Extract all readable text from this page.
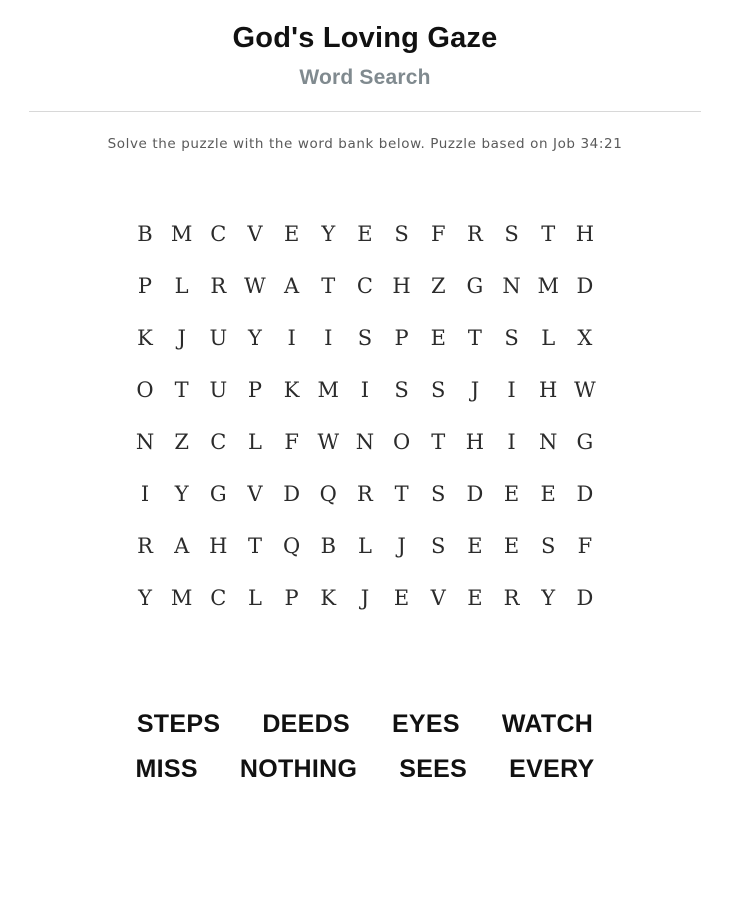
God's Loving Gaze
Word Search

Solve the puzzle with the word bank below. Puzzle based on Job 34:21

B M C	V	E	Y	E	S	F	R	S	T H
P	L	R W A	T	C H Z G N M D
K	J	U Y	I	I	S	P	E	T	S	L	X
O	T U P	K M	I	S	S	J	I	H W
N Z	C	L	F W N O	T H	I	N G
I	Y	G V D Q R	T	S	D E	E D
R	A H T	Q B	L	J	S	E	E	S	F
Y M C	L	P	K	J	E	V	E	R	Y	D
STEPS DEEDS EYES WATCH
MISS NOTHING SEES EVERY
